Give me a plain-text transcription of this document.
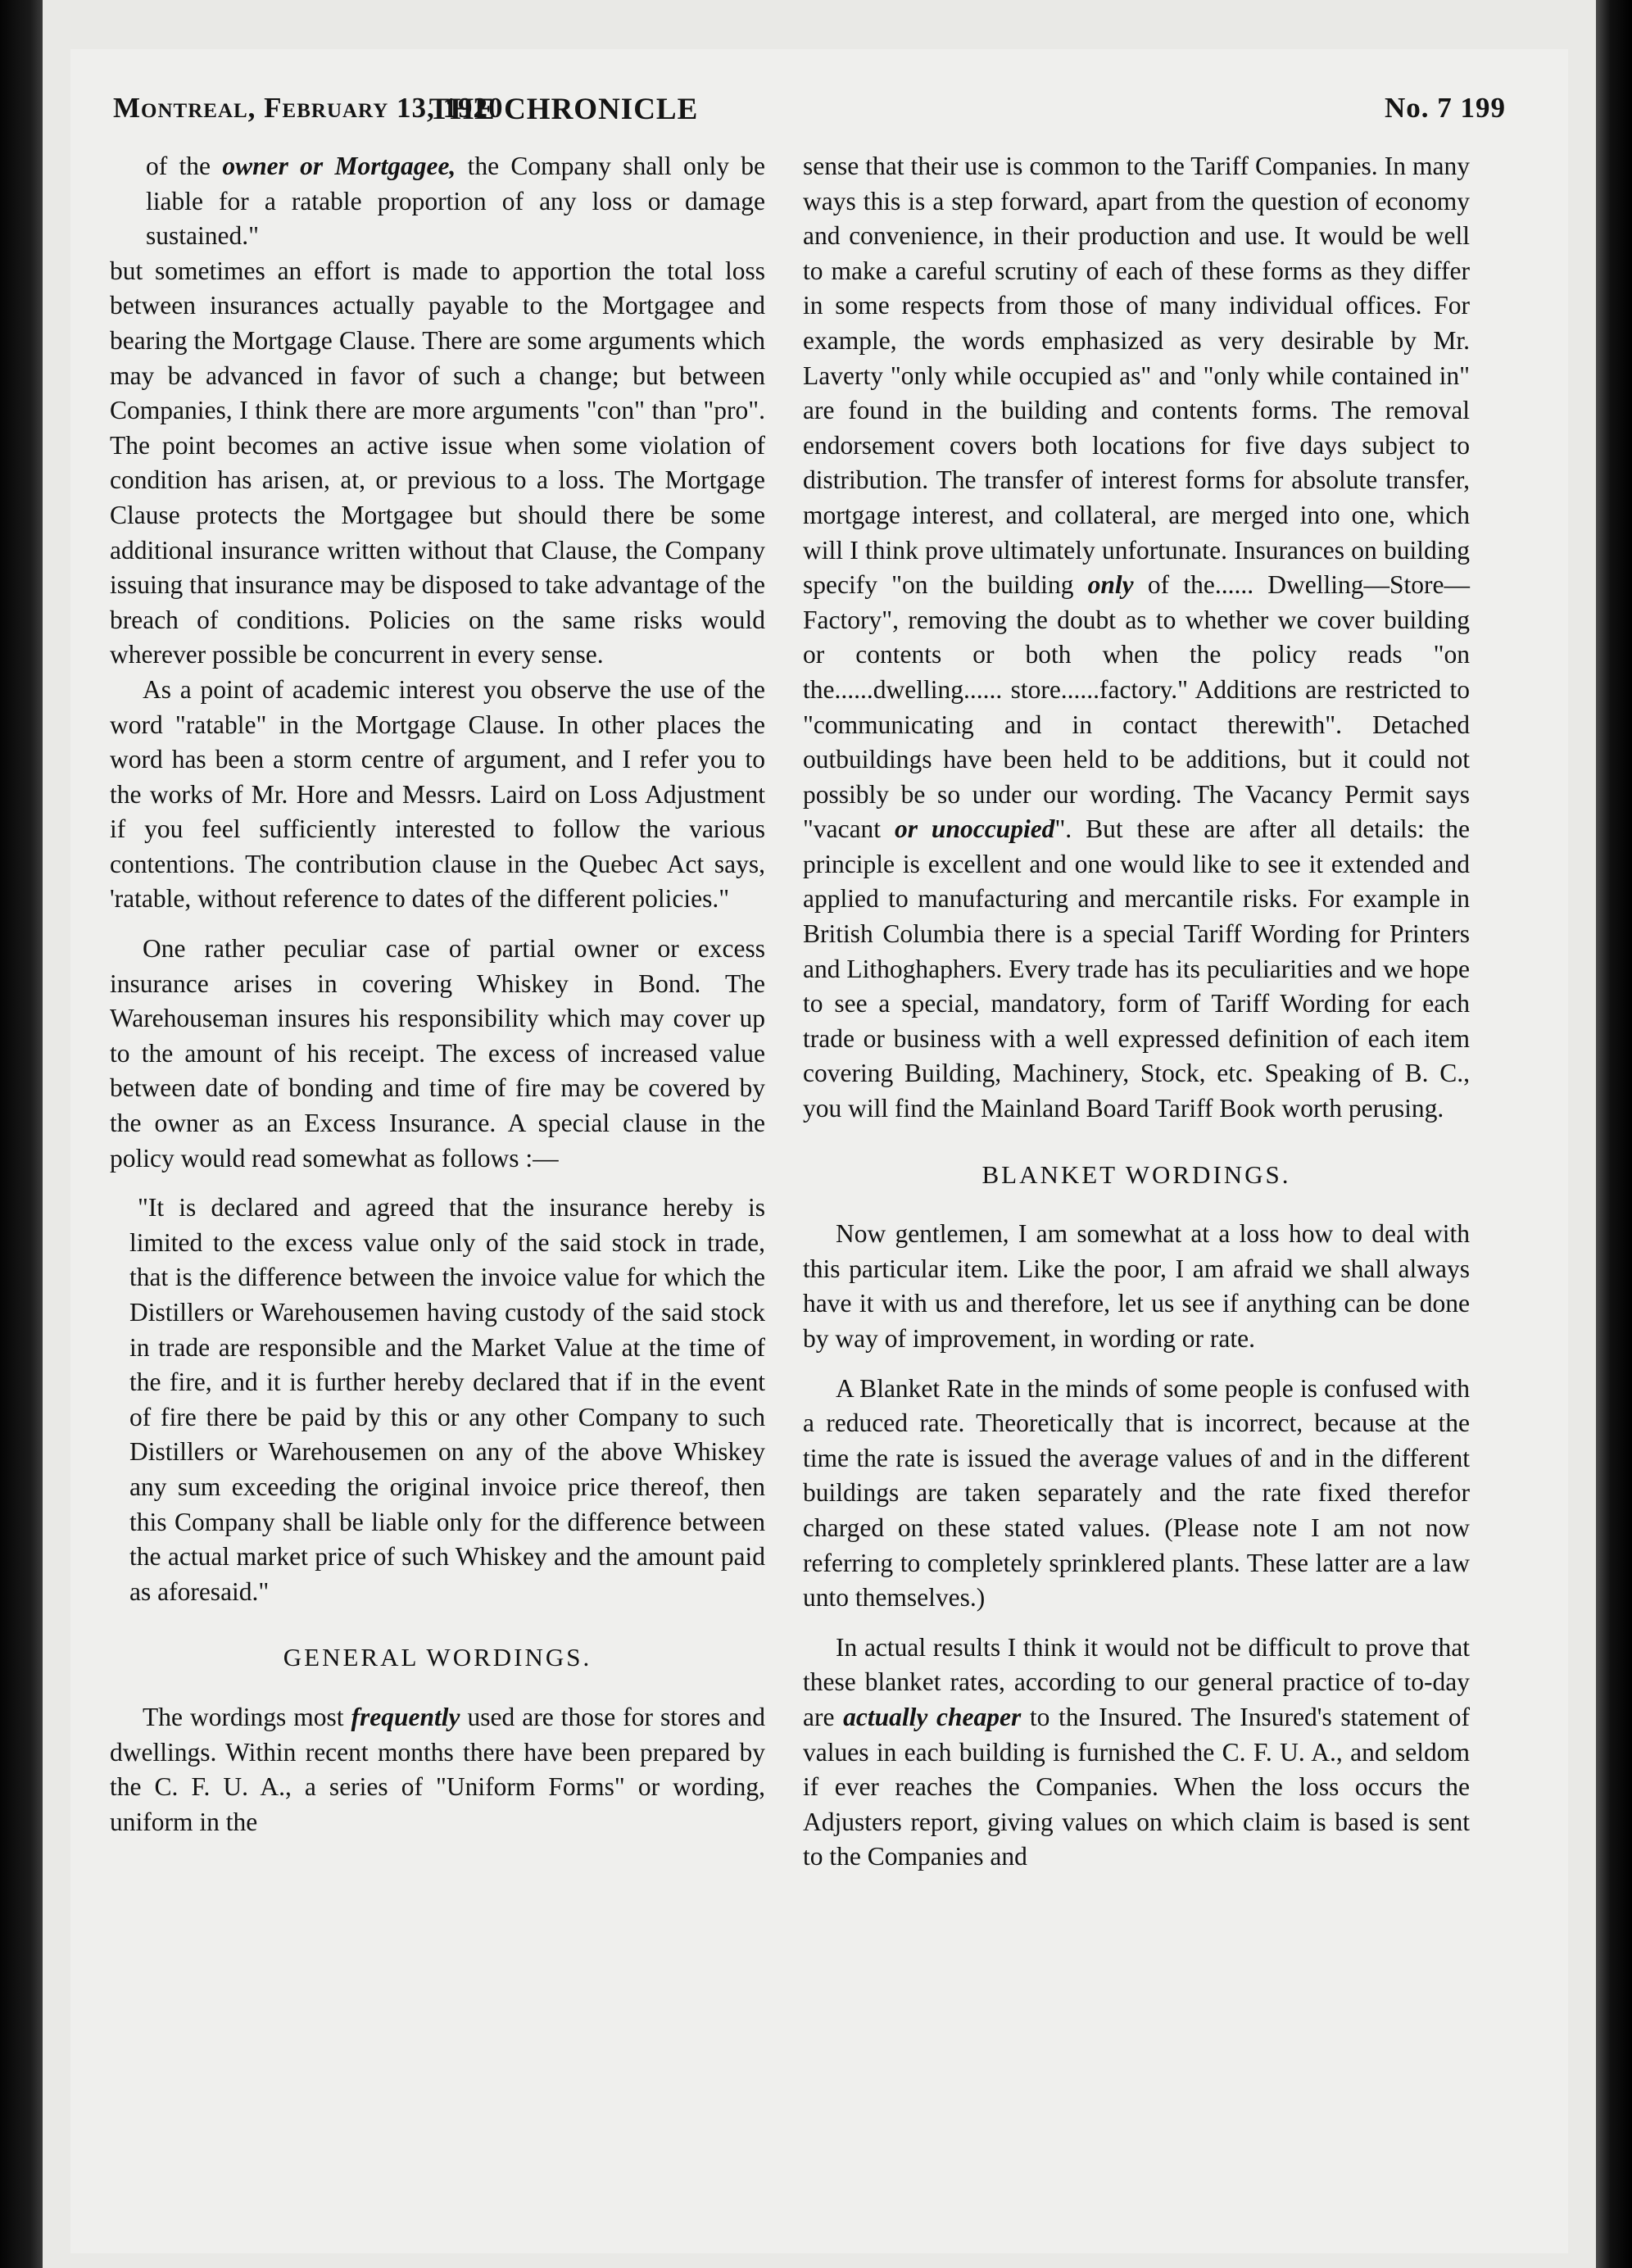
Montreal, February 13, 1920
THE CHRONICLE	No. 7 199

of the owner or Mortgagee, the Company shall only be liable for a ratable proportion of any loss or damage sustained."

but sometimes an effort is made to apportion the total loss between insurances actually payable to the Mortgagee and bearing the Mortgage Clause. There are some arguments which may be advanced in favor of such a change; but between Companies, I think there are more arguments "con" than "pro". The point becomes an active issue when some violation of condition has arisen, at, or previous to a loss. The Mortgage Clause protects the Mortgagee but should there be some additional insurance written without that Clause, the Company issuing that insurance may be disposed to take advantage of the breach of conditions. Policies on the same risks would wherever possible be concurrent in every sense.

As a point of academic interest you observe the use of the word "ratable" in the Mortgage Clause. In other places the word has been a storm centre of argument, and I refer you to the works of Mr. Hore and Messrs. Laird on Loss Adjustment if you feel sufficiently interested to follow the various contentions. The contribution clause in the Quebec Act says, 'ratable, without reference to dates of the different policies."

One rather peculiar case of partial owner or excess insurance arises in covering Whiskey in Bond. The Warehouseman insures his responsibility which may cover up to the amount of his receipt. The excess of increased value between date of bonding and time of fire may be covered by the owner as an Excess Insurance. A special clause in the policy would read somewhat as follows :—

"It is declared and agreed that the insurance hereby is limited to the excess value only of the said stock in trade, that is the difference between the invoice value for which the Distillers or Warehousemen having custody of the said stock in trade are responsible and the Market Value at the time of the fire, and it is further hereby declared that if in the event of fire there be paid by this or any other Company to such Distillers or Warehousemen on any of the above Whiskey any sum exceeding the original invoice price thereof, then this Company shall be liable only for the difference between the actual market price of such Whiskey and the amount paid as aforesaid."

GENERAL WORDINGS.

The wordings most frequently used are those for stores and dwellings. Within recent months there have been prepared by the C. F. U. A., a series of "Uniform Forms" or wording, uniform in the

sense that their use is common to the Tariff Companies. In many ways this is a step forward, apart from the question of economy and convenience, in their production and use. It would be well to make a careful scrutiny of each of these forms as they differ in some respects from those of many individual offices. For example, the words emphasized as very desirable by Mr. Laverty "only while occupied as" and "only while contained in" are found in the building and contents forms. The removal endorsement covers both locations for five days subject to distribution. The transfer of interest forms for absolute transfer, mortgage interest, and collateral, are merged into one, which will I think prove ultimately unfortunate. Insurances on building specify "on the building only of the...... Dwelling—Store—Factory", removing the doubt as to whether we cover building or contents or both when the policy reads "on the......dwelling...... store......factory." Additions are restricted to "communicating and in contact therewith". Detached outbuildings have been held to be additions, but it could not possibly be so under our wording. The Vacancy Permit says "vacant or unoccupied". But these are after all details: the principle is excellent and one would like to see it extended and applied to manufacturing and mercantile risks. For example in British Columbia there is a special Tariff Wording for Printers and Lithoghaphers. Every trade has its peculiarities and we hope to see a special, mandatory, form of Tariff Wording for each trade or business with a well expressed definition of each item covering Building, Machinery, Stock, etc. Speaking of B. C., you will find the Mainland Board Tariff Book worth perusing.

BLANKET WORDINGS.

Now gentlemen, I am somewhat at a loss how to deal with this particular item. Like the poor, I am afraid we shall always have it with us and therefore, let us see if anything can be done by way of improvement, in wording or rate.

A Blanket Rate in the minds of some people is confused with a reduced rate. Theoretically that is incorrect, because at the time the rate is issued the average values of and in the different buildings are taken separately and the rate fixed therefor charged on these stated values. (Please note I am not now referring to completely sprinklered plants. These latter are a law unto themselves.)

In actual results I think it would not be difficult to prove that these blanket rates, according to our general practice of to-day are actually cheaper to the Insured. The Insured's statement of values in each building is furnished the C. F. U. A., and seldom if ever reaches the Companies. When the loss occurs the Adjusters report, giving values on which claim is based is sent to the Companies and
